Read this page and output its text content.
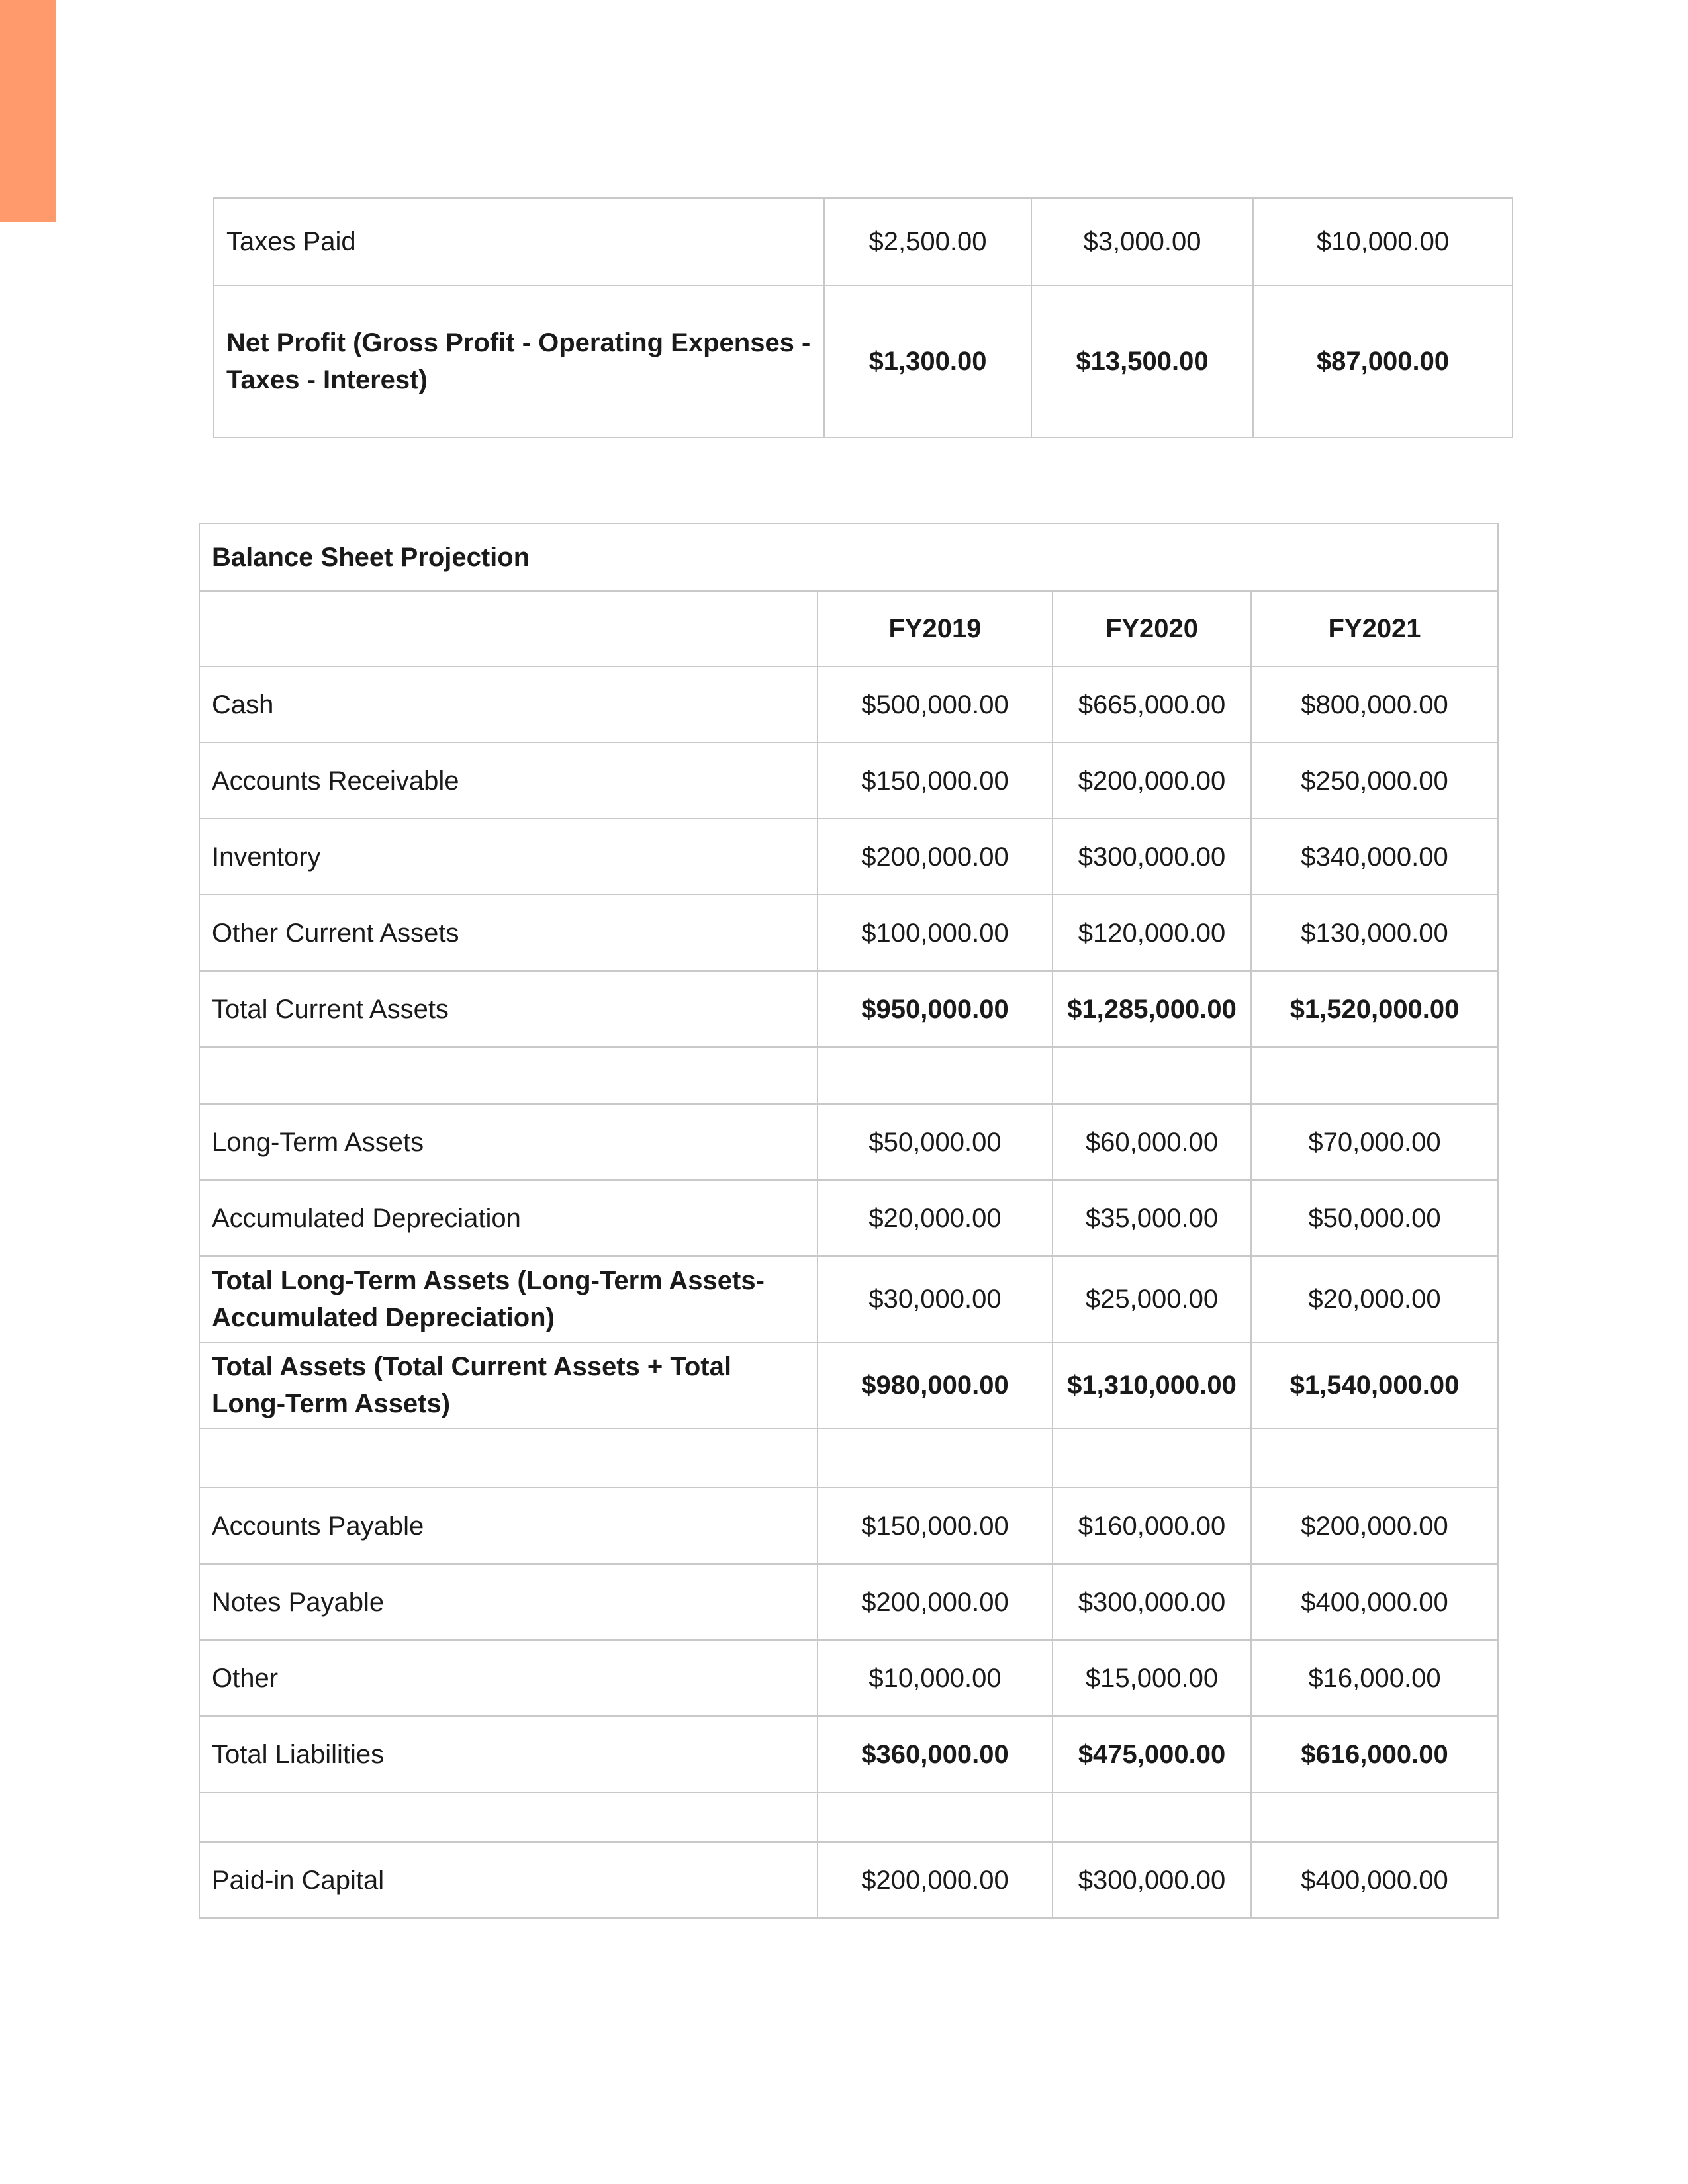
Taxes Paid	$2,500.00	$3,000.00	$10,000.00
Net Profit (Gross Profit - Operating Expenses - Taxes - Interest)	$1,300.00	$13,500.00	$87,000.00
Balance Sheet Projection			
	FY2019	FY2020	FY2021
Cash	$500,000.00	$665,000.00	$800,000.00
Accounts Receivable	$150,000.00	$200,000.00	$250,000.00
Inventory	$200,000.00	$300,000.00	$340,000.00
Other Current Assets	$100,000.00	$120,000.00	$130,000.00
Total Current Assets	$950,000.00	$1,285,000.00	$1,520,000.00

Long-Term Assets	$50,000.00	$60,000.00	$70,000.00
Accumulated Depreciation	$20,000.00	$35,000.00	$50,000.00
Total Long-Term Assets (Long-Term Assets-Accumulated Depreciation)	$30,000.00	$25,000.00	$20,000.00
Total Assets (Total Current Assets + Total Long-Term Assets)	$980,000.00	$1,310,000.00	$1,540,000.00

Accounts Payable	$150,000.00	$160,000.00	$200,000.00
Notes Payable	$200,000.00	$300,000.00	$400,000.00
Other	$10,000.00	$15,000.00	$16,000.00
Total Liabilities	$360,000.00	$475,000.00	$616,000.00

Paid-in Capital	$200,000.00	$300,000.00	$400,000.00
